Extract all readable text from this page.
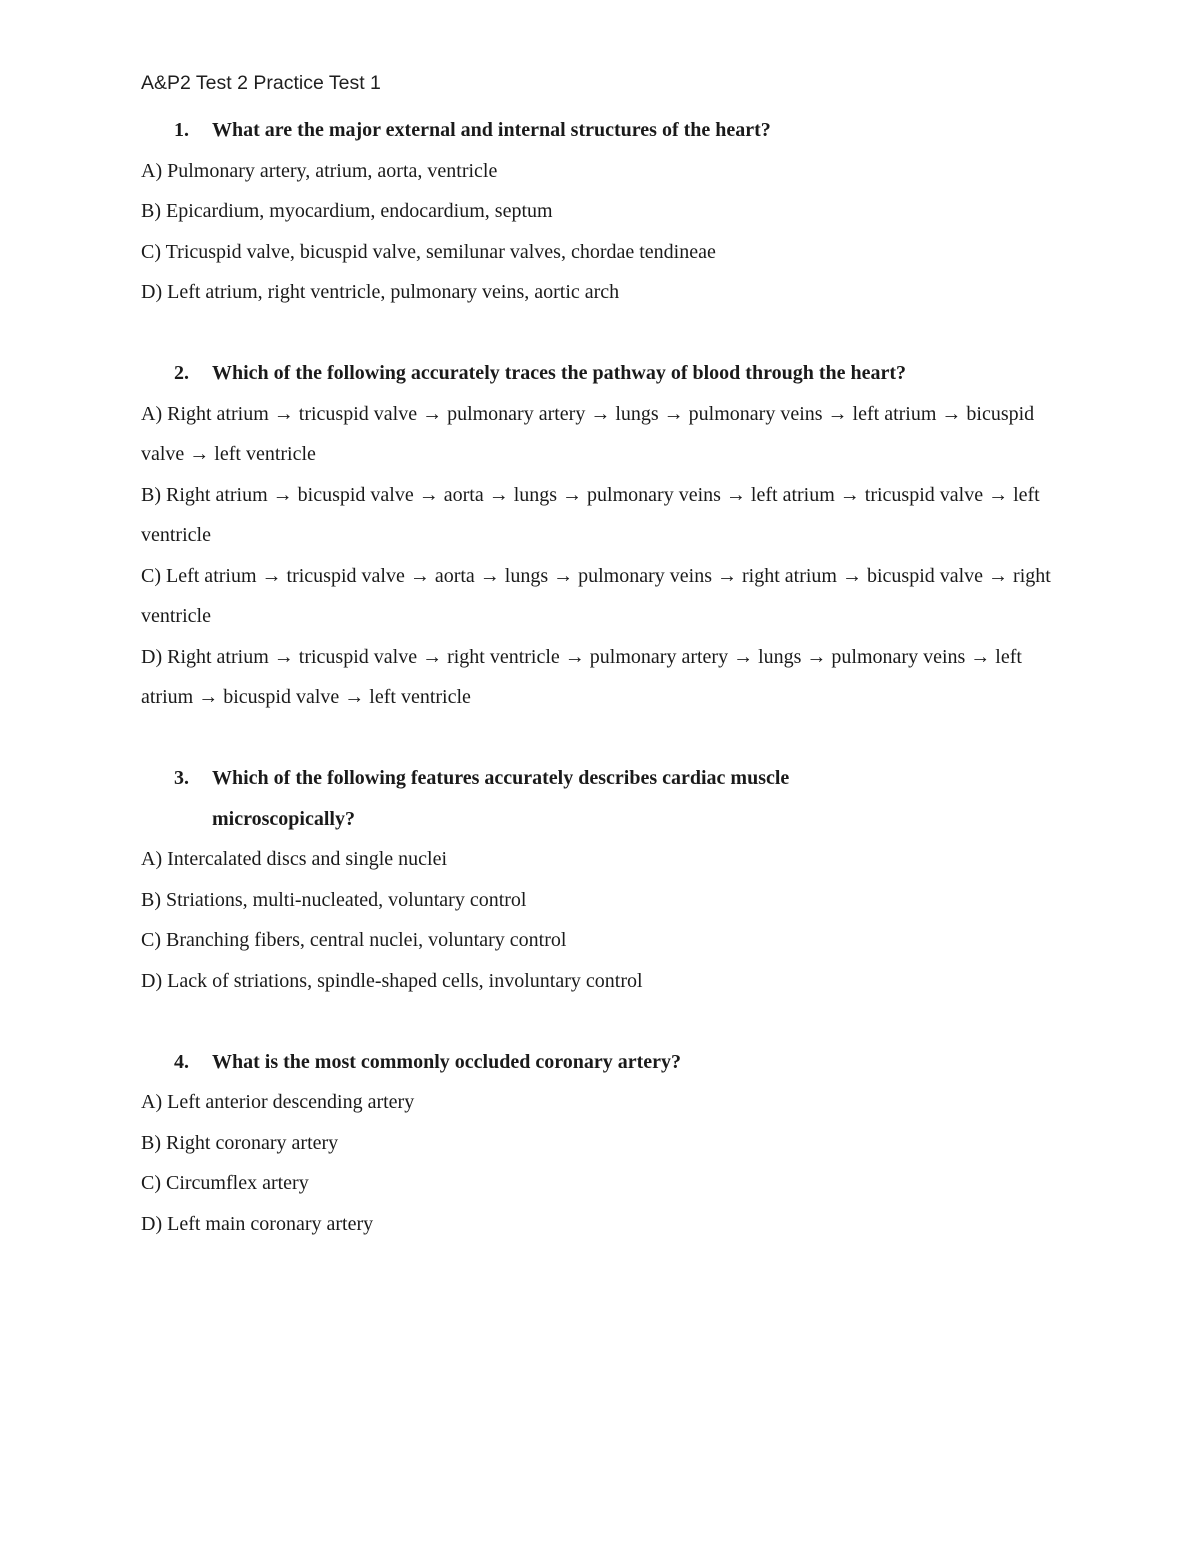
A&P2 Test 2 Practice Test 1
1.	What are the major external and internal structures of the heart?
A) Pulmonary artery, atrium, aorta, ventricle
B) Epicardium, myocardium, endocardium, septum
C) Tricuspid valve, bicuspid valve, semilunar valves, chordae tendineae
D) Left atrium, right ventricle, pulmonary veins, aortic arch
2.	Which of the following accurately traces the pathway of blood through the heart?
A) Right atrium → tricuspid valve → pulmonary artery → lungs → pulmonary veins → left atrium → bicuspid valve → left ventricle
B) Right atrium → bicuspid valve → aorta → lungs → pulmonary veins → left atrium → tricuspid valve → left ventricle
C) Left atrium → tricuspid valve → aorta → lungs → pulmonary veins → right atrium → bicuspid valve → right ventricle
D) Right atrium → tricuspid valve → right ventricle → pulmonary artery → lungs → pulmonary veins → left atrium → bicuspid valve → left ventricle
3.	Which of the following features accurately describes cardiac muscle microscopically?
A) Intercalated discs and single nuclei
B) Striations, multi-nucleated, voluntary control
C) Branching fibers, central nuclei, voluntary control
D) Lack of striations, spindle-shaped cells, involuntary control
4.	What is the most commonly occluded coronary artery?
A) Left anterior descending artery
B) Right coronary artery
C) Circumflex artery
D) Left main coronary artery
